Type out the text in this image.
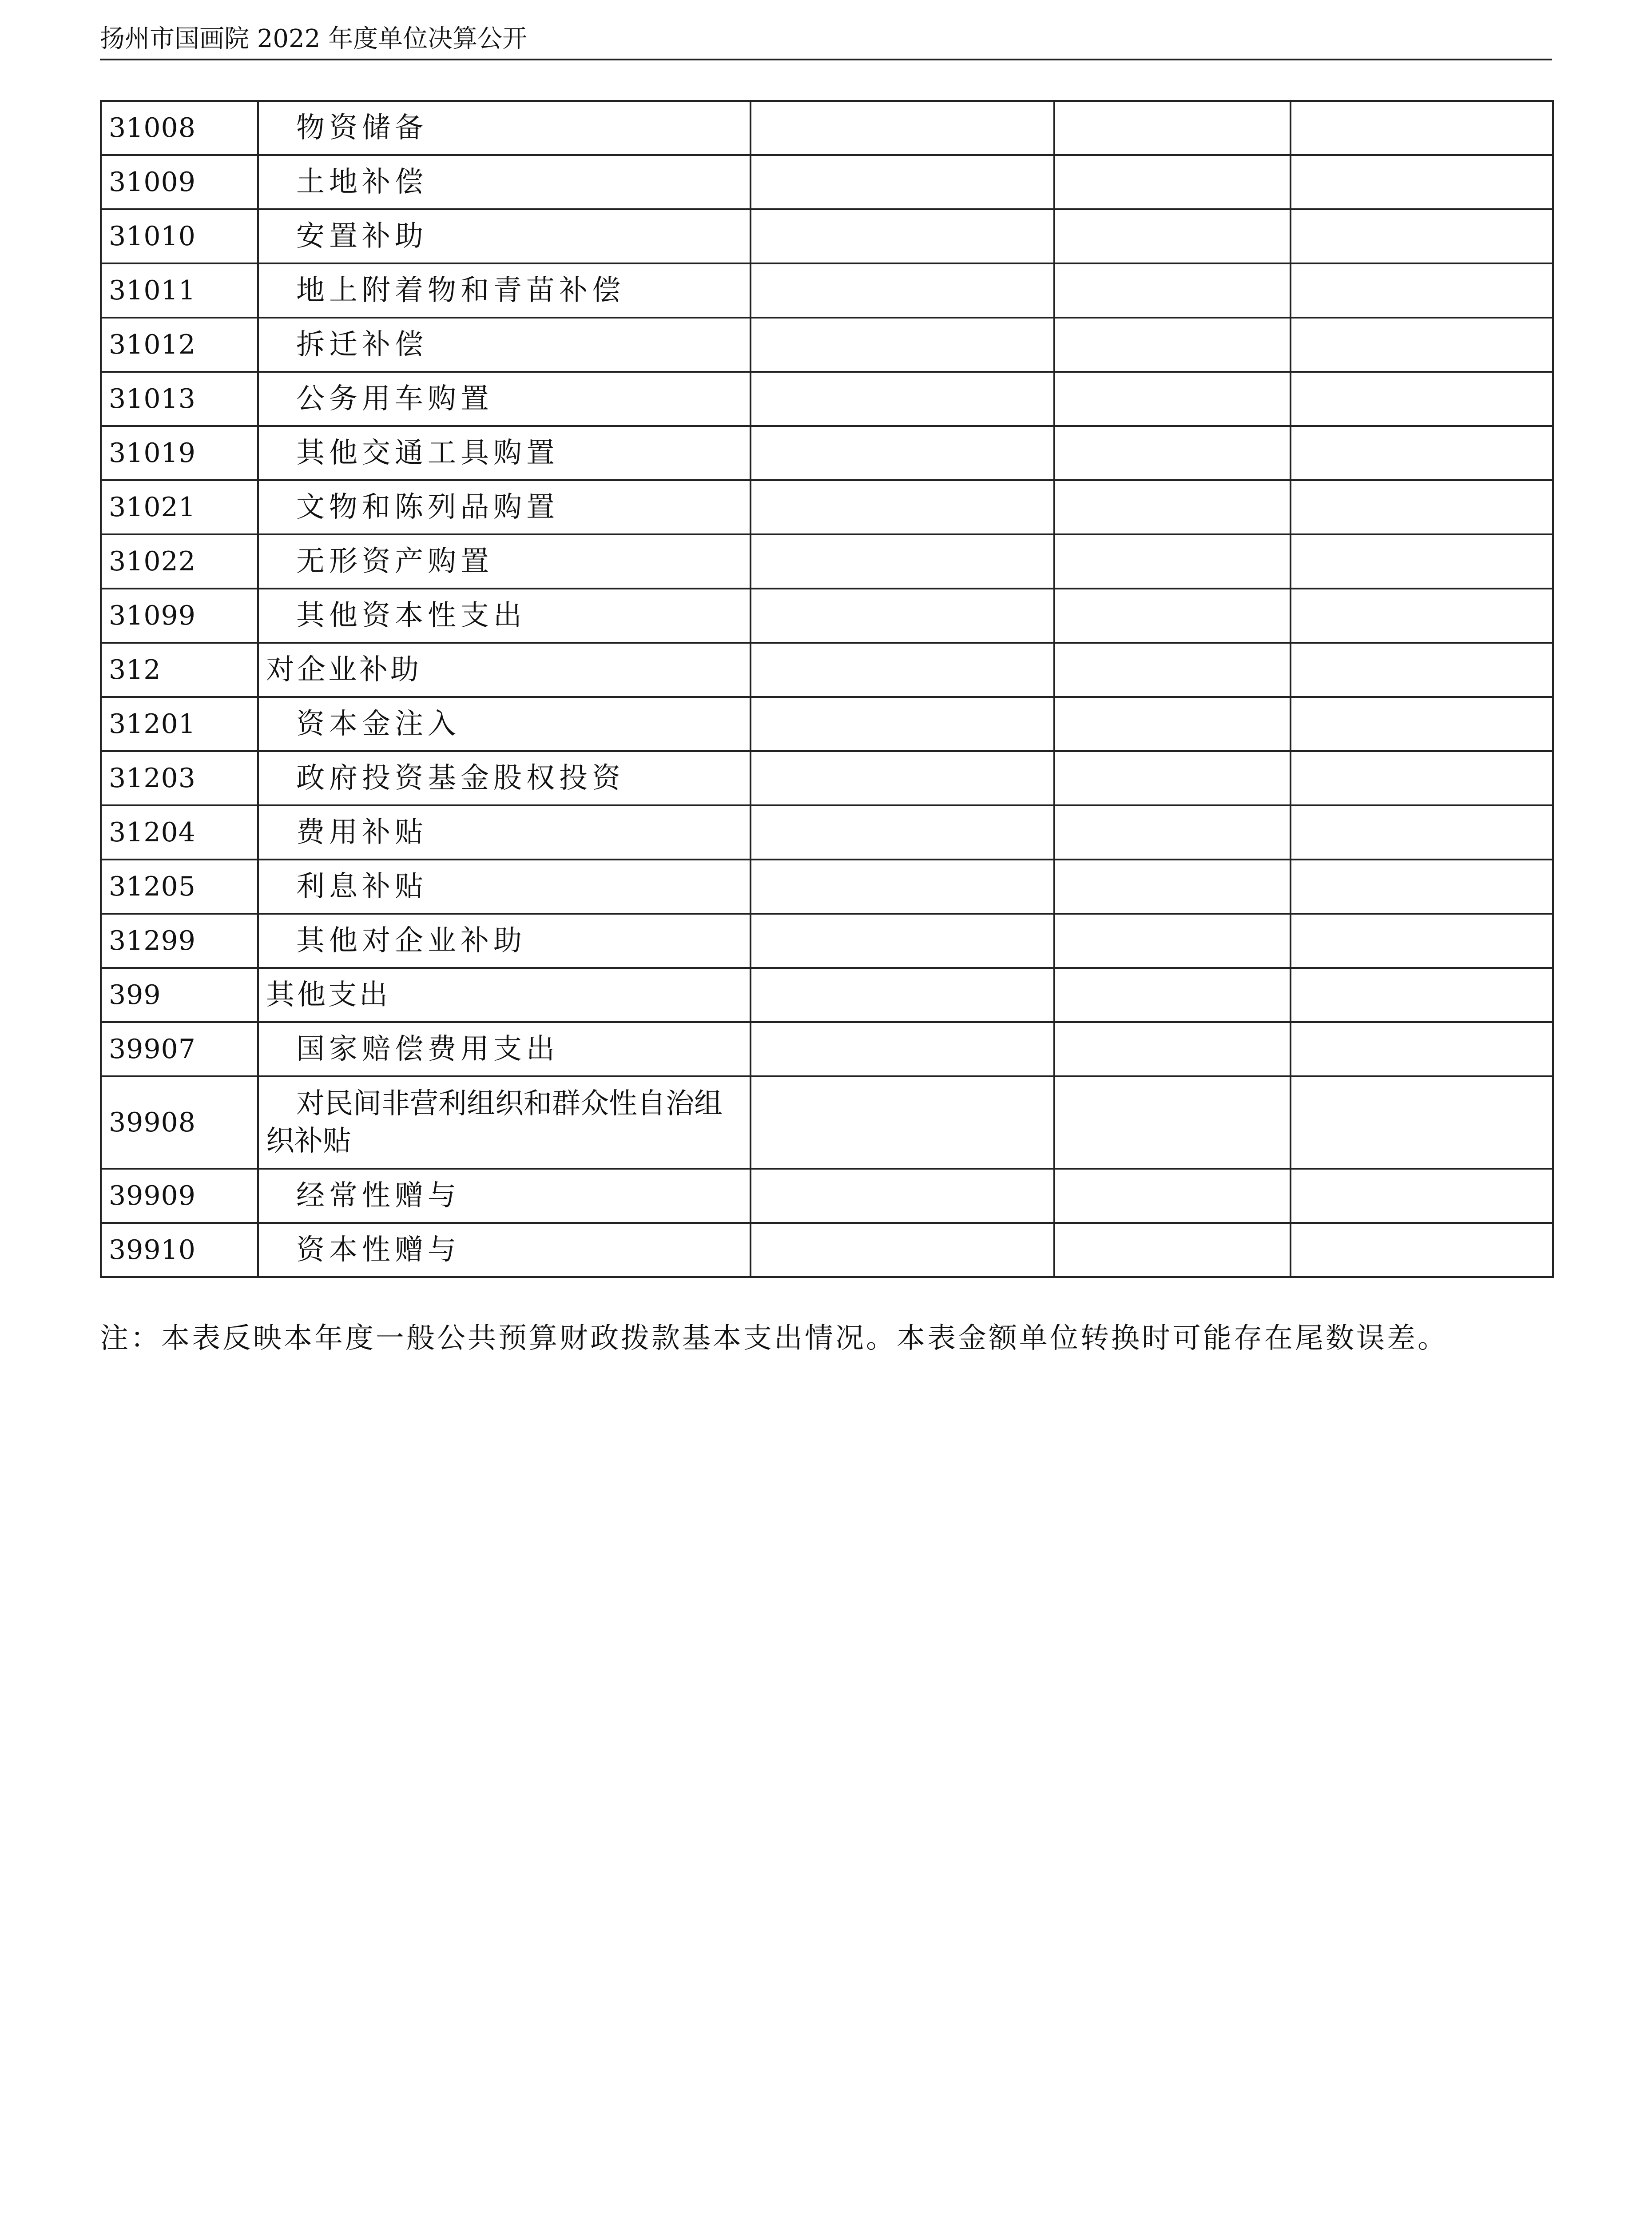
扬州市国画院 2022 年度单位决算公开
31008	物资储备			
31009	土地补偿			
31010	安置补助			
31011	地上附着物和青苗补偿			
31012	拆迁补偿			
31013	公务用车购置			
31019	其他交通工具购置			
31021	文物和陈列品购置			
31022	无形资产购置			
31099	其他资本性支出			
312	对企业补助			
31201	资本金注入			
31203	政府投资基金股权投资			
31204	费用补贴			
31205	利息补贴			
31299	其他对企业补助			
399	其他支出			
39907	国家赔偿费用支出			
39908	对民间非营利组织和群众性自治组织补贴			
39909	经常性赠与			
39910	资本性赠与			
注：本表反映本年度一般公共预算财政拨款基本支出情况。本表金额单位转换时可能存在尾数误差。
